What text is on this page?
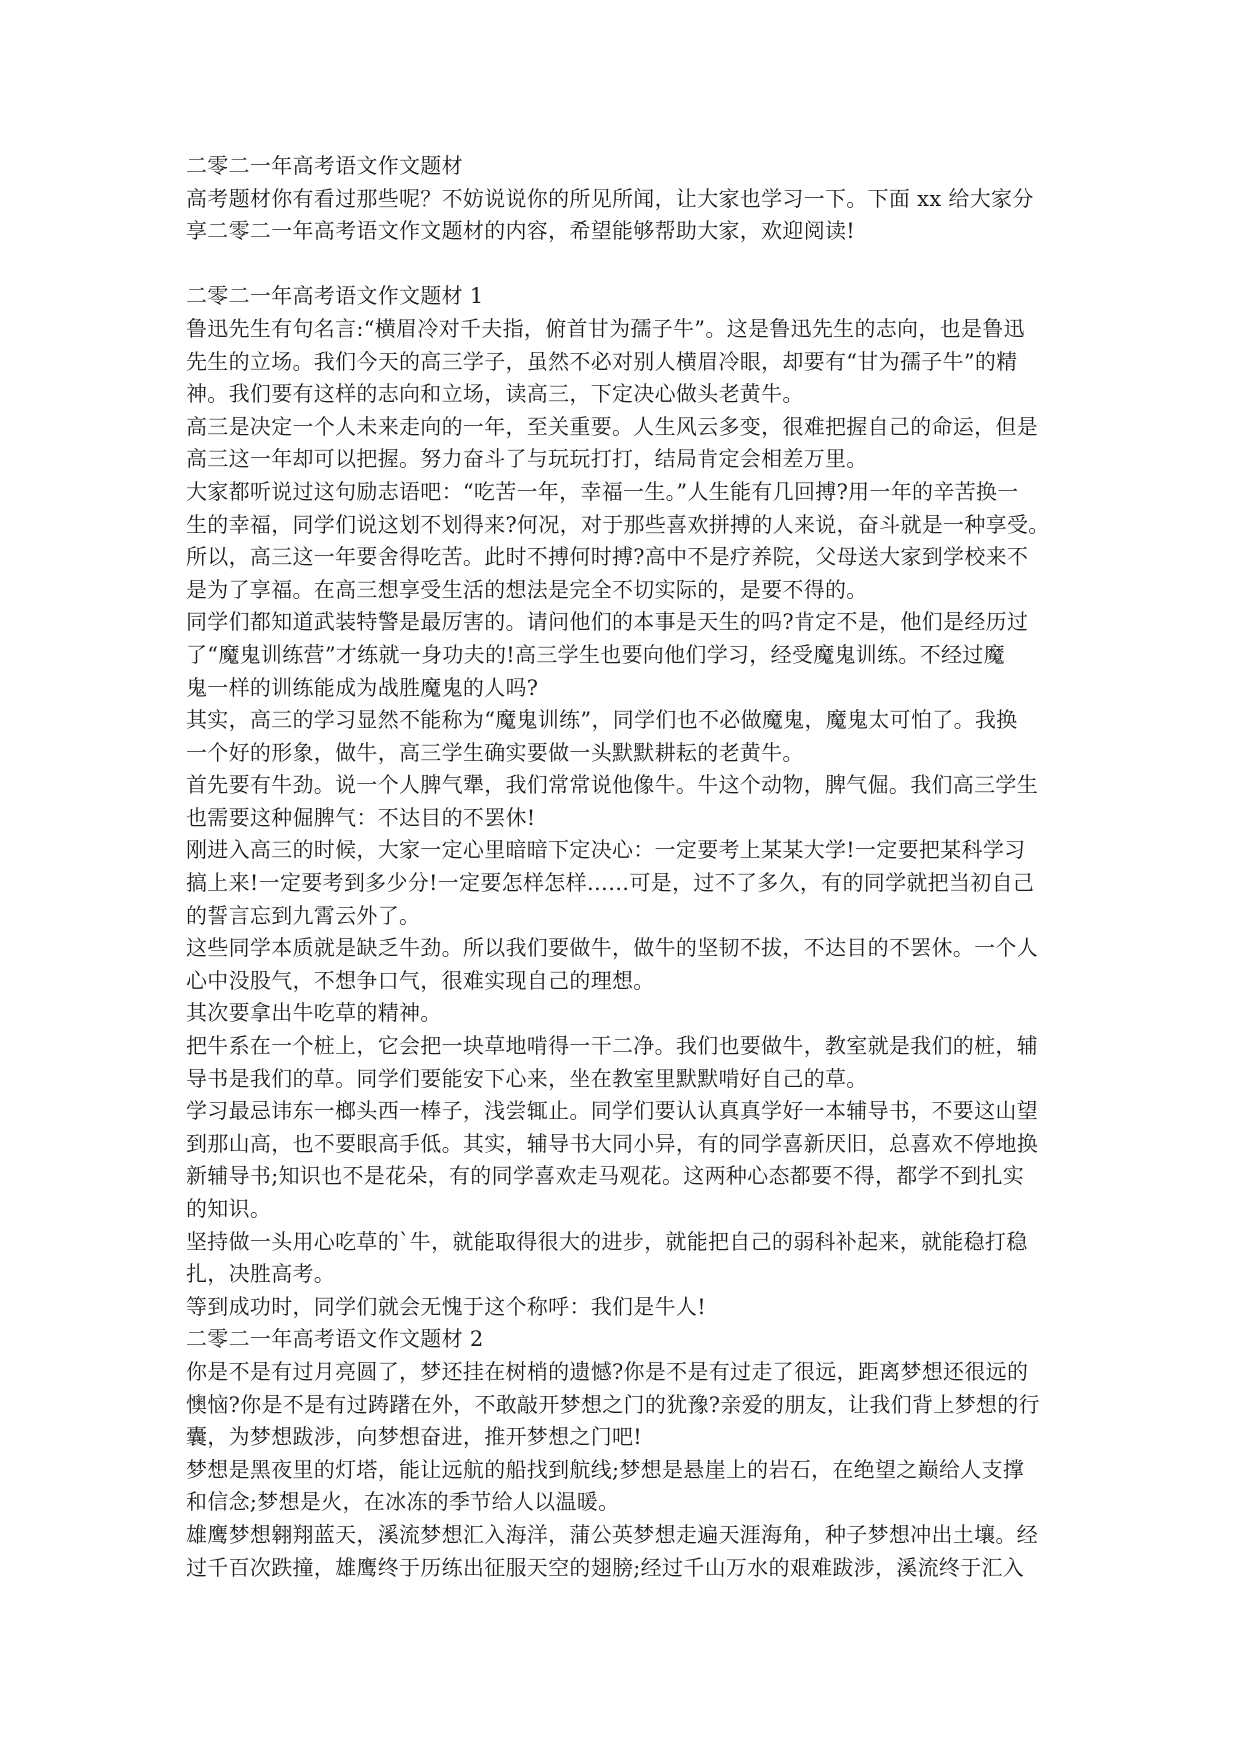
二零二一年高考语文作文题材
高考题材你有看过那些呢？不妨说说你的所见所闻，让大家也学习一下。下面 xx 给大家分
享二零二一年高考语文作文题材的内容，希望能够帮助大家，欢迎阅读!
二零二一年高考语文作文题材 1
鲁迅先生有句名言:“横眉冷对千夫指，俯首甘为孺子牛”。这是鲁迅先生的志向，也是鲁迅
先生的立场。我们今天的高三学子，虽然不必对别人横眉冷眼，却要有“甘为孺子牛”的精
神。我们要有这样的志向和立场，读高三，下定决心做头老黄牛。
高三是决定一个人未来走向的一年，至关重要。人生风云多变，很难把握自己的命运，但是
高三这一年却可以把握。努力奋斗了与玩玩打打，结局肯定会相差万里。
大家都听说过这句励志语吧：“吃苦一年，幸福一生。”人生能有几回搏?用一年的辛苦换一
生的幸福，同学们说这划不划得来?何况，对于那些喜欢拼搏的人来说，奋斗就是一种享受。
所以，高三这一年要舍得吃苦。此时不搏何时搏?高中不是疗养院，父母送大家到学校来不
是为了享福。在高三想享受生活的想法是完全不切实际的，是要不得的。
同学们都知道武装特警是最厉害的。请问他们的本事是天生的吗?肯定不是，他们是经历过
了“魔鬼训练营”才练就一身功夫的!高三学生也要向他们学习，经受魔鬼训练。不经过魔
鬼一样的训练能成为战胜魔鬼的人吗?
其实，高三的学习显然不能称为“魔鬼训练”，同学们也不必做魔鬼，魔鬼太可怕了。我换
一个好的形象，做牛，高三学生确实要做一头默默耕耘的老黄牛。
首先要有牛劲。说一个人脾气犟，我们常常说他像牛。牛这个动物，脾气倔。我们高三学生
也需要这种倔脾气：不达目的不罢休!
刚进入高三的时候，大家一定心里暗暗下定决心：一定要考上某某大学!一定要把某科学习
搞上来!一定要考到多少分!一定要怎样怎样……可是，过不了多久，有的同学就把当初自己
的誓言忘到九霄云外了。
这些同学本质就是缺乏牛劲。所以我们要做牛，做牛的坚韧不拔，不达目的不罢休。一个人
心中没股气，不想争口气，很难实现自己的理想。
其次要拿出牛吃草的精神。
把牛系在一个桩上，它会把一块草地啃得一干二净。我们也要做牛，教室就是我们的桩，辅
导书是我们的草。同学们要能安下心来，坐在教室里默默啃好自己的草。
学习最忌讳东一榔头西一棒子，浅尝辄止。同学们要认认真真学好一本辅导书，不要这山望
到那山高，也不要眼高手低。其实，辅导书大同小异，有的同学喜新厌旧，总喜欢不停地换
新辅导书;知识也不是花朵，有的同学喜欢走马观花。这两种心态都要不得，都学不到扎实
的知识。
坚持做一头用心吃草的`牛，就能取得很大的进步，就能把自己的弱科补起来，就能稳打稳
扎，决胜高考。
等到成功时，同学们就会无愧于这个称呼：我们是牛人!
二零二一年高考语文作文题材 2
你是不是有过月亮圆了，梦还挂在树梢的遗憾?你是不是有过走了很远，距离梦想还很远的
懊恼?你是不是有过踌躇在外，不敢敲开梦想之门的犹豫?亲爱的朋友，让我们背上梦想的行
囊，为梦想跋涉，向梦想奋进，推开梦想之门吧!
梦想是黑夜里的灯塔，能让远航的船找到航线;梦想是悬崖上的岩石，在绝望之巅给人支撑
和信念;梦想是火，在冰冻的季节给人以温暖。
雄鹰梦想翱翔蓝天，溪流梦想汇入海洋，蒲公英梦想走遍天涯海角，种子梦想冲出土壤。经
过千百次跌撞，雄鹰终于历练出征服天空的翅膀;经过千山万水的艰难跋涉，溪流终于汇入
